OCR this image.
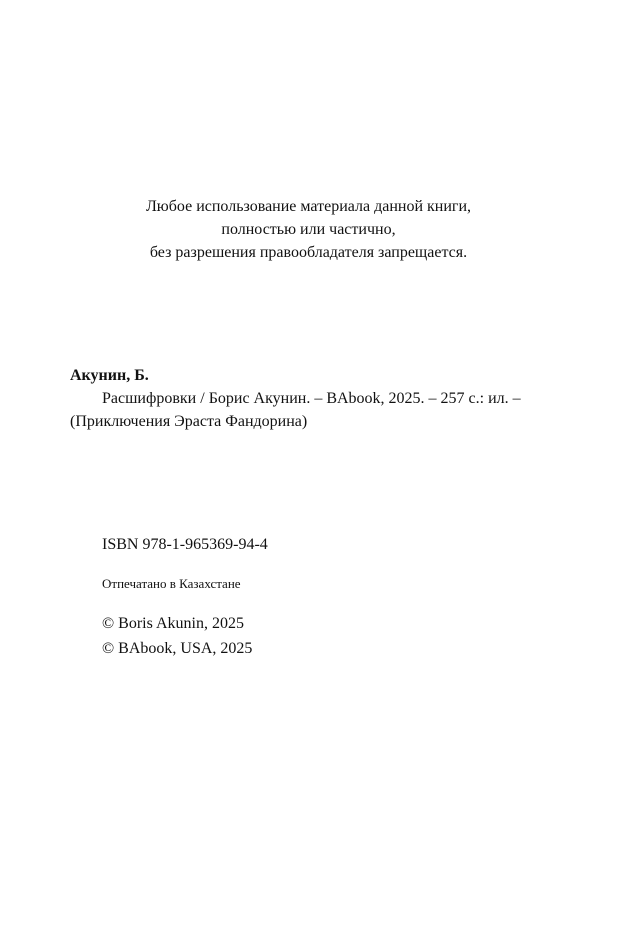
Любое использование материала данной книги,
полностью или частично,
без разрешения правообладателя запрещается.
Акунин, Б.
Расшифровки / Борис Акунин. – BAbook, 2025. – 257 с.: ил. –
(Приключения Эраста Фандорина)
ISBN 978-1-965369-94-4
Отпечатано в Казахстане
© Boris Akunin, 2025
© BAbook, USA, 2025
